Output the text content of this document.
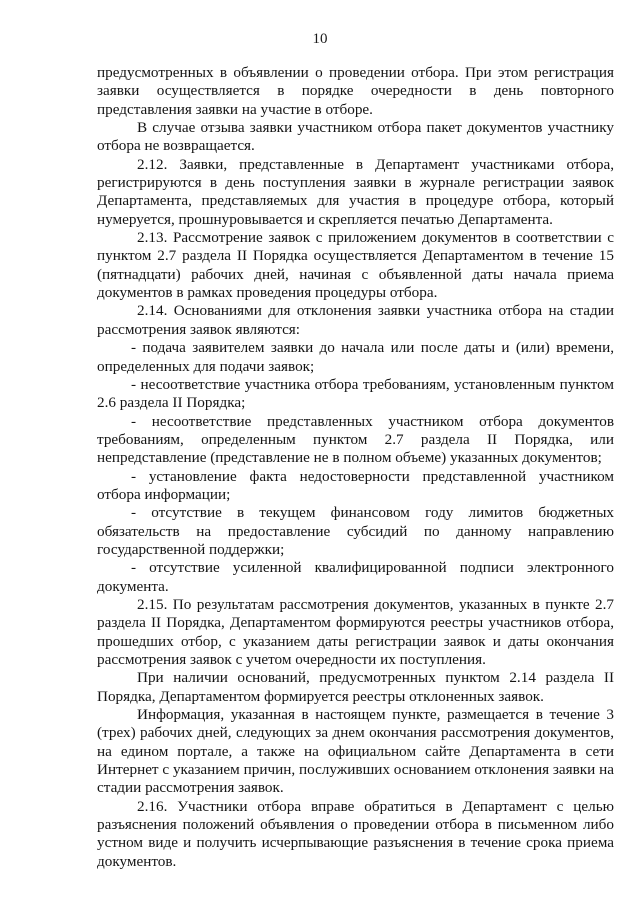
10

предусмотренных в объявлении о проведении отбора. При этом регистрация заявки осуществляется в порядке очередности в день повторного представления заявки на участие в отборе.

В случае отзыва заявки участником отбора пакет документов участнику отбора не возвращается.

2.12. Заявки, представленные в Департамент участниками отбора, регистрируются в день поступления заявки в журнале регистрации заявок Департамента, представляемых для участия в процедуре отбора, который нумеруется, прошнуровывается и скрепляется печатью Департамента.

2.13. Рассмотрение заявок с приложением документов в соответствии с пунктом 2.7 раздела II Порядка осуществляется Департаментом в течение 15 (пятнадцати) рабочих дней, начиная с объявленной даты начала приема документов в рамках проведения процедуры отбора.

2.14. Основаниями для отклонения заявки участника отбора на стадии рассмотрения заявок являются:

- подача заявителем заявки до начала или после даты и (или) времени, определенных для подачи заявок;

- несоответствие участника отбора требованиям, установленным пунктом 2.6 раздела II Порядка;

- несоответствие представленных участником отбора документов требованиям, определенным пунктом 2.7 раздела II Порядка, или непредставление (представление не в полном объеме) указанных документов;

- установление факта недостоверности представленной участником отбора информации;

- отсутствие в текущем финансовом году лимитов бюджетных обязательств на предоставление субсидий по данному направлению государственной поддержки;

- отсутствие усиленной квалифицированной подписи электронного документа.

2.15. По результатам рассмотрения документов, указанных в пункте 2.7 раздела II Порядка, Департаментом формируются реестры участников отбора, прошедших отбор, с указанием даты регистрации заявок и даты окончания рассмотрения заявок с учетом очередности их поступления.

При наличии оснований, предусмотренных пунктом 2.14 раздела II Порядка, Департаментом формируется реестры отклоненных заявок.

Информация, указанная в настоящем пункте, размещается в течение 3 (трех) рабочих дней, следующих за днем окончания рассмотрения документов, на едином портале, а также на официальном сайте Департамента в сети Интернет с указанием причин, послуживших основанием отклонения заявки на стадии рассмотрения заявок.

2.16. Участники отбора вправе обратиться в Департамент с целью разъяснения положений объявления о проведении отбора в письменном либо устном виде и получить исчерпывающие разъяснения в течение срока приема документов.
